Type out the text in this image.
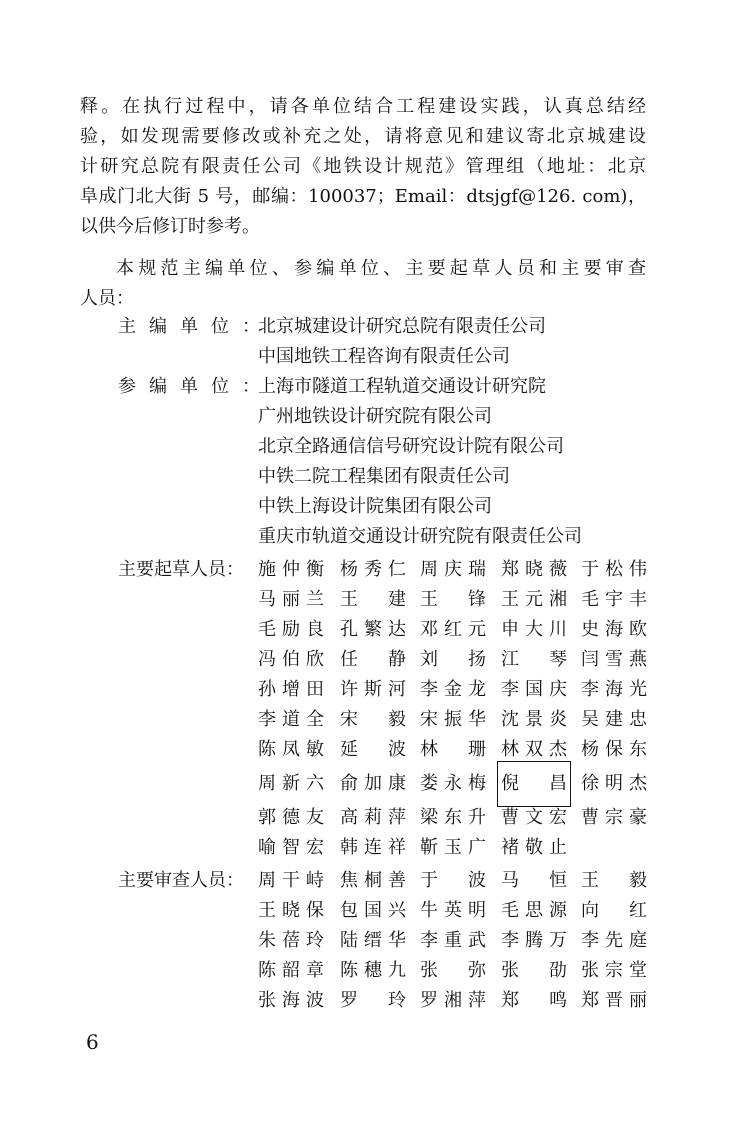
释。在执行过程中，请各单位结合工程建设实践，认真总结经
验，如发现需要修改或补充之处，请将意见和建议寄北京城建设
计研究总院有限责任公司《地铁设计规范》管理组（地址：北京
阜成门北大街 5 号，邮编：100037；Email：dtsjgf@126. com)，
以供今后修订时参考。
本规范主编单位、参编单位、主要起草人员和主要审查
人员：
主编单位：
北京城建设计研究总院有限责任公司
中国地铁工程咨询有限责任公司
参编单位：
上海市隧道工程轨道交通设计研究院
广州地铁设计研究院有限公司
北京全路通信信号研究设计院有限公司
中铁二院工程集团有限责任公司
中铁上海设计院集团有限公司
重庆市轨道交通设计研究院有限责任公司
主要起草人员： 施仲衡 杨秀仁 周庆瑞 郑晓薇 于松伟
马丽兰 王　建 王　锋 王元湘 毛宇丰
毛励良 孔繁达 邓红元 申大川 史海欧
冯伯欣 任　静 刘　扬 江　琴 闫雪燕
孙增田 许斯河 李金龙 李国庆 李海光
李道全 宋　毅 宋振华 沈景炎 吴建忠
陈凤敏 延　波 林　珊 林双杰 杨保东
周新六 俞加康 娄永梅 倪　昌 徐明杰
郭德友 高莉萍 梁东升 曹文宏 曹宗豪
喻智宏 韩连祥 靳玉广 褚敬止
主要审查人员： 周干峙 焦桐善 于　波 马　恒 王　毅
王晓保 包国兴 牛英明 毛思源 向　红
朱蓓玲 陆缙华 李重武 李腾万 李先庭
陈韶章 陈穗九 张　弥 张　劭 张宗堂
张海波 罗　玲 罗湘萍 郑　鸣 郑晋丽
6
